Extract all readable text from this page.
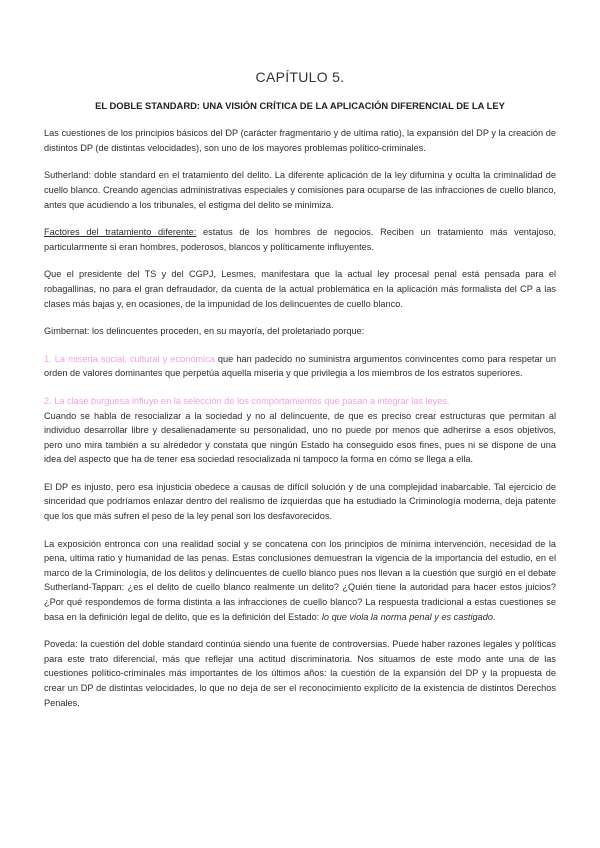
CAPÍTULO 5.
EL DOBLE STANDARD: UNA VISIÓN CRÍTICA DE LA APLICACIÓN DIFERENCIAL DE LA LEY

Las cuestiones de los principios básicos del DP (carácter fragmentario y de ultima ratio), la expansión del DP y la creación de distintos DP (de distintas velocidades), son uno de los mayores problemas político-criminales.

Sutherland: doble standard en el tratamiento del delito. La diferente aplicación de la ley difumina y oculta la criminalidad de cuello blanco. Creando agencias administrativas especiales y comisiones para ocuparse de las infracciones de cuello blanco, antes que acudiendo a los tribunales, el estigma del delito se minimiza.

Factores del tratamiento diferente: estatus de los hombres de negocios. Reciben un tratamiento más ventajoso, particularmente si eran hombres, poderosos, blancos y políticamente influyentes.

Que el presidente del TS y del CGPJ, Lesmes, manifestara que la actual ley procesal penal está pensada para el robagallinas, no para el gran defraudador, da cuenta de la actual problemática en la aplicación más formalista del CP a las clases más bajas y, en ocasiones, de la impunidad de los delincuentes de cuello blanco.

Gimbernat: los delincuentes proceden, en su mayoría, del proletariado porque:

1. La miseria social, cultural y económica que han padecido no suministra argumentos convincentes como para respetar un orden de valores dominantes que perpetúa aquella miseria y que privilegia a los miembros de los estratos superiores.

2. La clase burguesa influye en la selección de los comportamientos que pasan a integrar las leyes.
Cuando se habla de resocializar a la sociedad y no al delincuente, de que es preciso crear estructuras que permitan al individuo desarrollar libre y desalienadamente su personalidad, uno no puede por menos que adherirse a esos objetivos, pero uno mira también a su alrededor y constata que ningún Estado ha conseguido esos fines, pues ni se dispone de una idea del aspecto que ha de tener esa sociedad resocializada ni tampoco la forma en cómo se llega a ella.

El DP es injusto, pero esa injusticia obedece a causas de difícil solución y de una complejidad inabarcable. Tal ejercicio de sinceridad que podríamos enlazar dentro del realismo de izquierdas que ha estudiado la Criminología moderna, deja patente que los que más sufren el peso de la ley penal son los desfavorecidos.

La exposición entronca con una realidad social y se concatena con los principios de mínima intervención, necesidad de la pena, ultima ratio y humanidad de las penas. Estas conclusiones demuestran la vigencia de la importancia del estudio, en el marco de la Criminología, de los delitos y delincuentes de cuello blanco pues nos llevan a la cuestión que surgió en el debate Sutherland-Tappan: ¿es el delito de cuello blanco realmente un delito? ¿Quién tiene la autoridad para hacer estos juicios? ¿Por qué respondemos de forma distinta a las infracciones de cuello blanco? La respuesta tradicional a estas cuestiones se basa en la definición legal de delito, que es la definición del Estado: lo que viola la norma penal y es castigado.

Poveda: la cuestión del doble standard continúa siendo una fuente de controversias. Puede haber razones legales y políticas para este trato diferencial, más que reflejar una actitud discriminatoria. Nos situamos de este modo ante una de las cuestiones político-criminales más importantes de los últimos años: la cuestión de la expansión del DP y la propuesta de crear un DP de distintas velocidades, lo que no deja de ser el reconocimiento explícito de la existencia de distintos Derechos Penales.
